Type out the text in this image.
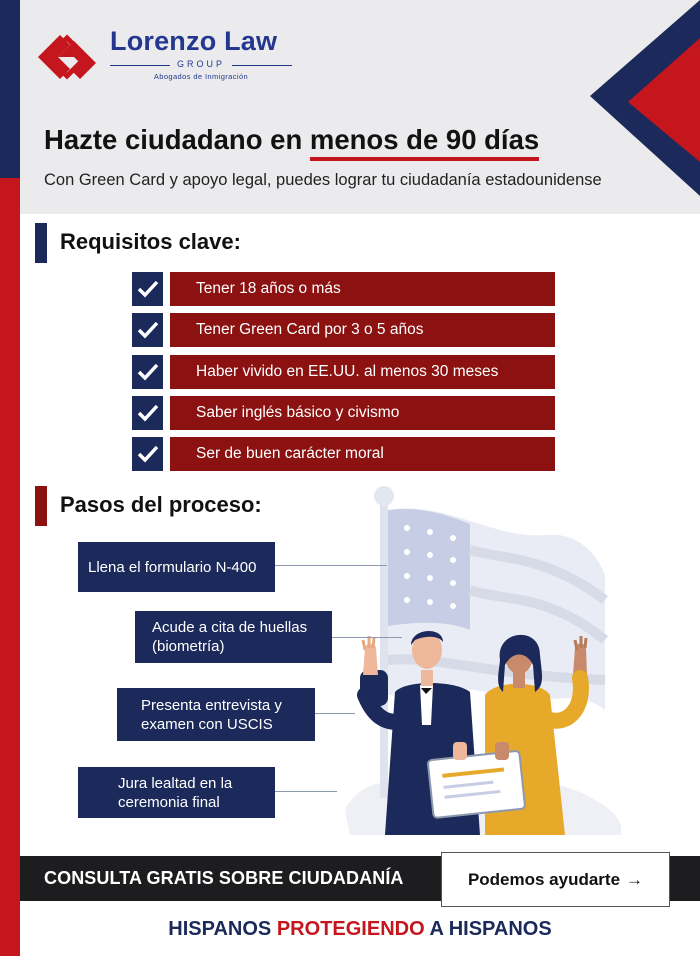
Lorenzo Law
GROUP
Abogados de Inmigración
Hazte ciudadano en menos de 90 días
Con Green Card y apoyo legal, puedes lograr tu ciudadanía estadounidense
Requisitos clave:
Tener 18 años o más
Tener Green Card por 3 o 5 años
Haber vivido en EE.UU. al menos 30 meses
Saber inglés básico y civismo
Ser de buen carácter moral
Pasos del proceso:
Llena el formulario N-400
Acude a cita de huellas
(biometría)
Presenta entrevista y
examen con USCIS
Jura lealtad en la
ceremonia final
CONSULTA GRATIS SOBRE CIUDADANÍA	Podemos ayudarte →
HISPANOS PROTEGIENDO A HISPANOS
